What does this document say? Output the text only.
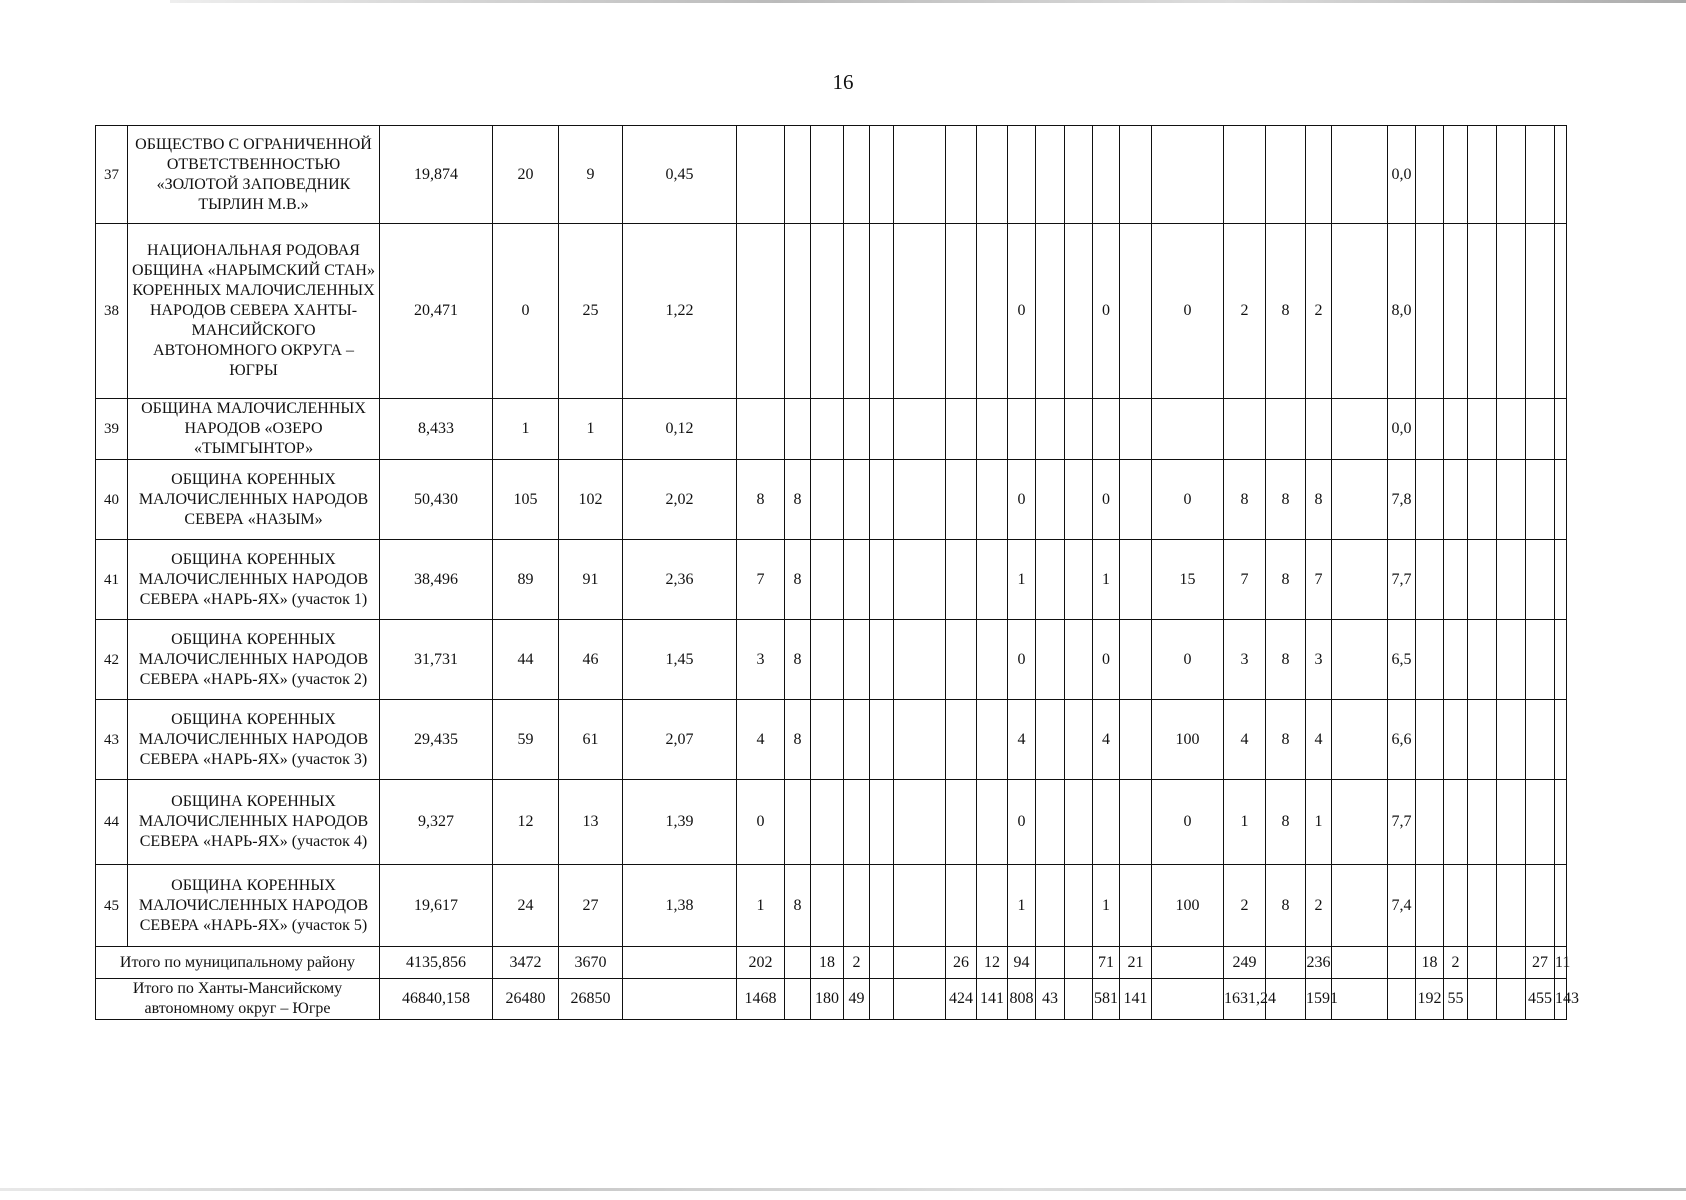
16
37	ОБЩЕСТВО С ОГРАНИЧЕННОЙ ОТВЕТСТВЕННОСТЬЮ «ЗОЛОТОЙ ЗАПОВЕДНИК ТЫРЛИН М.В.»	19,874	20	9	0,45																			0,0						
38	НАЦИОНАЛЬНАЯ РОДОВАЯ ОБЩИНА «НАРЫМСКИЙ СТАН» КОРЕННЫХ МАЛОЧИСЛЕННЫХ НАРОДОВ СЕВЕРА ХАНТЫ-МАНСИЙСКОГО АВТОНОМНОГО ОКРУГА – ЮГРЫ	20,471	0	25	1,22									0			0		0	2	8	2		8,0						
39	ОБЩИНА МАЛОЧИСЛЕННЫХ НАРОДОВ «ОЗЕРО «ТЫМГЫНТОР»	8,433	1	1	0,12																			0,0						
40	ОБЩИНА КОРЕННЫХ МАЛОЧИСЛЕННЫХ НАРОДОВ СЕВЕРА «НАЗЫМ»	50,430	105	102	2,02	8	8							0			0		0	8	8	8		7,8						
41	ОБЩИНА КОРЕННЫХ МАЛОЧИСЛЕННЫХ НАРОДОВ СЕВЕРА «НАРЬ-ЯХ» (участок 1)	38,496	89	91	2,36	7	8							1			1		15	7	8	7		7,7						
42	ОБЩИНА КОРЕННЫХ МАЛОЧИСЛЕННЫХ НАРОДОВ СЕВЕРА «НАРЬ-ЯХ» (участок 2)	31,731	44	46	1,45	3	8							0			0		0	3	8	3		6,5						
43	ОБЩИНА КОРЕННЫХ МАЛОЧИСЛЕННЫХ НАРОДОВ СЕВЕРА «НАРЬ-ЯХ» (участок 3)	29,435	59	61	2,07	4	8							4			4		100	4	8	4		6,6						
44	ОБЩИНА КОРЕННЫХ МАЛОЧИСЛЕННЫХ НАРОДОВ СЕВЕРА «НАРЬ-ЯХ» (участок 4)	9,327	12	13	1,39	0								0					0	1	8	1		7,7						
45	ОБЩИНА КОРЕННЫХ МАЛОЧИСЛЕННЫХ НАРОДОВ СЕВЕРА «НАРЬ-ЯХ» (участок 5)	19,617	24	27	1,38	1	8							1			1		100	2	8	2		7,4						
Итого по муниципальному району		4135,856	3472	3670		202		18	2			26	12	94			71	21		249		236			18	2			27	11
Итого по Ханты-Мансийскому автономному округ – Югре		46840,158	26480	26850		1468		180	49			424	141	808	43		581	141		1631,24		1591			192	55			455	143
